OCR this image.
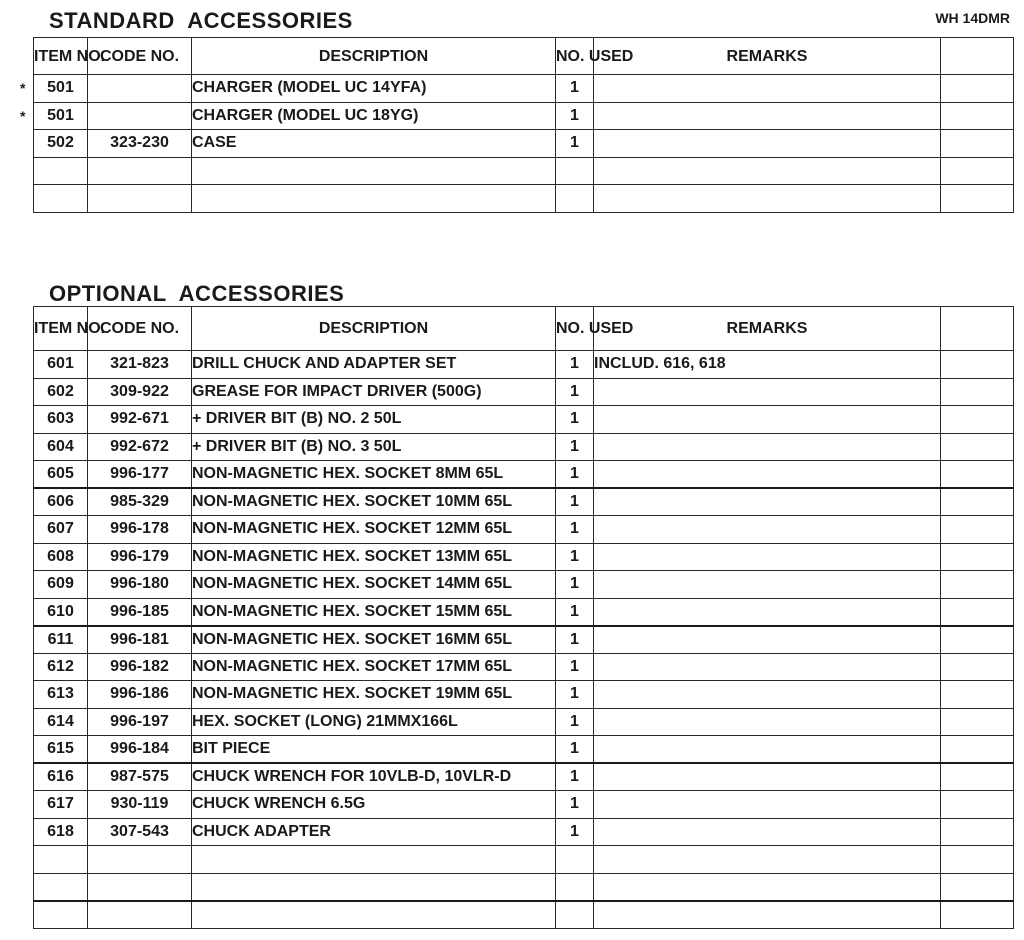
STANDARD  ACCESSORIES	WH 14DMR
ITEM NO.	CODE NO.	DESCRIPTION	NO. USED	REMARKS	
501		CHARGER (MODEL UC 14YFA)	1		
501		CHARGER (MODEL UC 18YG)	1		
502	323-230	CASE	1		

OPTIONAL  ACCESSORIES
ITEM NO.	CODE NO.	DESCRIPTION	NO. USED	REMARKS	
601	321-823	DRILL CHUCK AND ADAPTER SET	1	INCLUD. 616, 618	
602	309-922	GREASE FOR IMPACT DRIVER (500G)	1		
603	992-671	+ DRIVER BIT (B) NO. 2 50L	1		
604	992-672	+ DRIVER BIT (B) NO. 3 50L	1		
605	996-177	NON-MAGNETIC HEX. SOCKET 8MM 65L	1		
606	985-329	NON-MAGNETIC HEX. SOCKET 10MM 65L	1		
607	996-178	NON-MAGNETIC HEX. SOCKET 12MM 65L	1		
608	996-179	NON-MAGNETIC HEX. SOCKET 13MM 65L	1		
609	996-180	NON-MAGNETIC HEX. SOCKET 14MM 65L	1		
610	996-185	NON-MAGNETIC HEX. SOCKET 15MM 65L	1		
611	996-181	NON-MAGNETIC HEX. SOCKET 16MM 65L	1		
612	996-182	NON-MAGNETIC HEX. SOCKET 17MM 65L	1		
613	996-186	NON-MAGNETIC HEX. SOCKET 19MM 65L	1		
614	996-197	HEX. SOCKET (LONG) 21MMX166L	1		
615	996-184	BIT PIECE	1		
616	987-575	CHUCK WRENCH FOR 10VLB-D, 10VLR-D	1		
617	930-119	CHUCK WRENCH 6.5G	1		
618	307-543	CHUCK ADAPTER	1		

*
*
